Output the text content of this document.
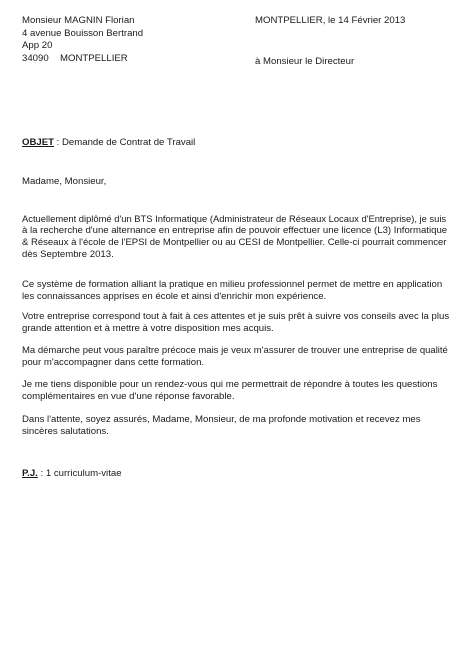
Monsieur MAGNIN Florian
4 avenue Bouisson Bertrand
App 20
34090 MONTPELLIER
MONTPELLIER, le 14 Février 2013
à Monsieur le Directeur
OBJET : Demande de Contrat de Travail
Madame, Monsieur,
Actuellement diplômé d'un BTS Informatique (Administrateur de Réseaux Locaux d'Entreprise), je suis
à la recherche d'une alternance en entreprise afin de pouvoir effectuer une licence (L3) Informatique
& Réseaux à l'école de l'EPSI de Montpellier ou au CESI de Montpellier. Celle-ci pourrait commencer
dès Septembre 2013.
Ce système de formation alliant la pratique en milieu professionnel permet de mettre en application
les connaissances apprises en école et ainsi d'enrichir mon expérience.
Votre entreprise correspond tout à fait à ces attentes et je suis prêt à suivre vos conseils avec la plus
grande attention et à mettre à votre disposition mes acquis.
Ma démarche peut vous paraître précoce mais je veux m'assurer de trouver une entreprise de qualité
pour m'accompagner dans cette formation.
Je me tiens disponible pour un rendez-vous qui me permettrait de répondre à toutes les questions
complémentaires en vue d'une réponse favorable.
Dans l'attente, soyez assurés, Madame, Monsieur, de ma profonde motivation et recevez mes
sincères salutations.
P.J. : 1 curriculum-vitae
